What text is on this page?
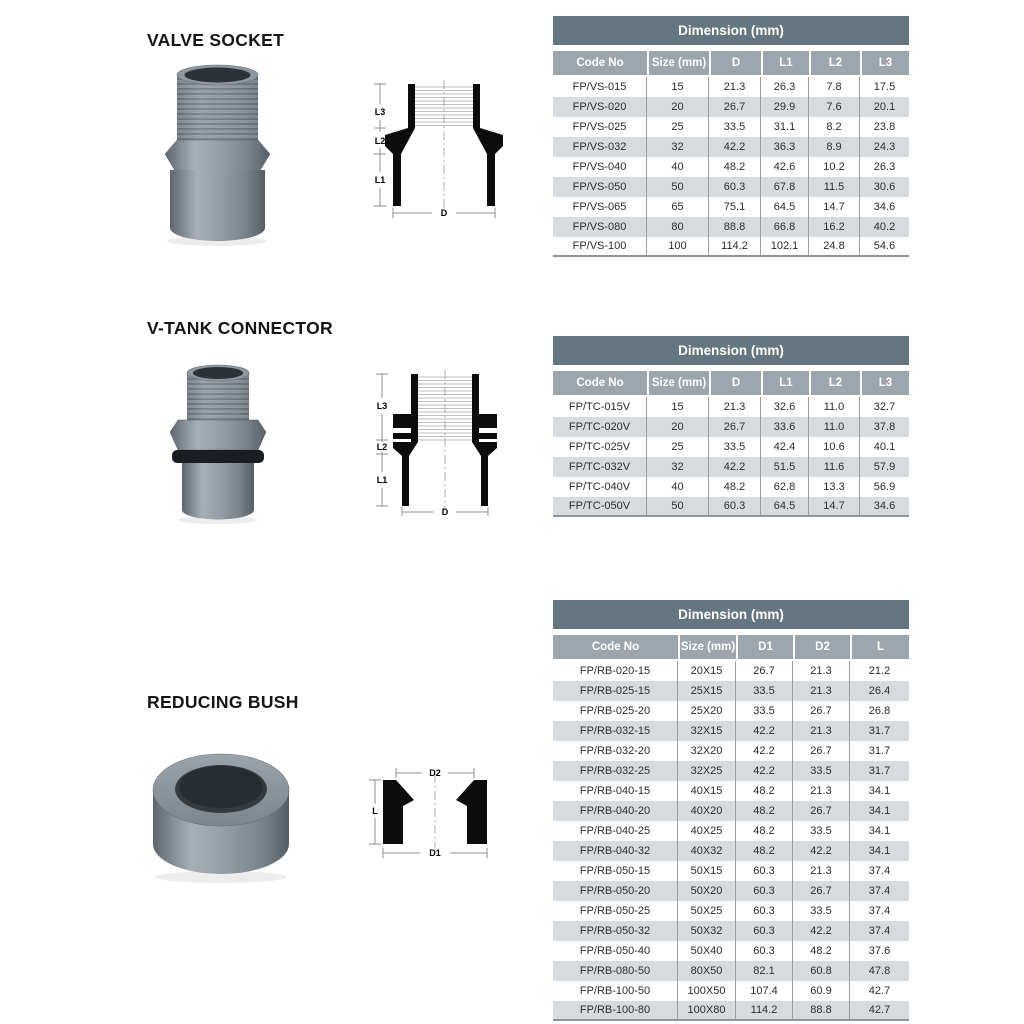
VALVE SOCKET
L3
L2
L1
D
Dimension (mm)
Code No	Size (mm)	D	L1	L2	L3
FP/VS-015	15	21.3	26.3	7.8	17.5
FP/VS-020	20	26.7	29.9	7.6	20.1
FP/VS-025	25	33.5	31.1	8.2	23.8
FP/VS-032	32	42.2	36.3	8.9	24.3
FP/VS-040	40	48.2	42.6	10.2	26.3
FP/VS-050	50	60.3	67.8	11.5	30.6
FP/VS-065	65	75.1	64.5	14.7	34.6
FP/VS-080	80	88.8	66.8	16.2	40.2
FP/VS-100	100	114.2	102.1	24.8	54.6
V-TANK CONNECTOR
L3
L2
L1
D
Dimension (mm)
Code No	Size (mm)	D	L1	L2	L3
FP/TC-015V	15	21.3	32.6	11.0	32.7
FP/TC-020V	20	26.7	33.6	11.0	37.8
FP/TC-025V	25	33.5	42.4	10.6	40.1
FP/TC-032V	32	42.2	51.5	11.6	57.9
FP/TC-040V	40	48.2	62.8	13.3	56.9
FP/TC-050V	50	60.3	64.5	14.7	34.6
REDUCING BUSH
D2
L
D1
Dimension (mm)
Code No	Size (mm)	D1	D2	L
FP/RB-020-15	20X15	26.7	21.3	21.2
FP/RB-025-15	25X15	33.5	21.3	26.4
FP/RB-025-20	25X20	33.5	26.7	26.8
FP/RB-032-15	32X15	42.2	21.3	31.7
FP/RB-032-20	32X20	42.2	26.7	31.7
FP/RB-032-25	32X25	42.2	33.5	31.7
FP/RB-040-15	40X15	48.2	21.3	34.1
FP/RB-040-20	40X20	48.2	26.7	34.1
FP/RB-040-25	40X25	48.2	33.5	34.1
FP/RB-040-32	40X32	48.2	42.2	34.1
FP/RB-050-15	50X15	60.3	21.3	37.4
FP/RB-050-20	50X20	60.3	26.7	37.4
FP/RB-050-25	50X25	60.3	33.5	37.4
FP/RB-050-32	50X32	60.3	42.2	37.4
FP/RB-050-40	50X40	60.3	48.2	37.6
FP/RB-080-50	80X50	82.1	60.8	47.8
FP/RB-100-50	100X50	107.4	60.9	42.7
FP/RB-100-80	100X80	114.2	88.8	42.7
